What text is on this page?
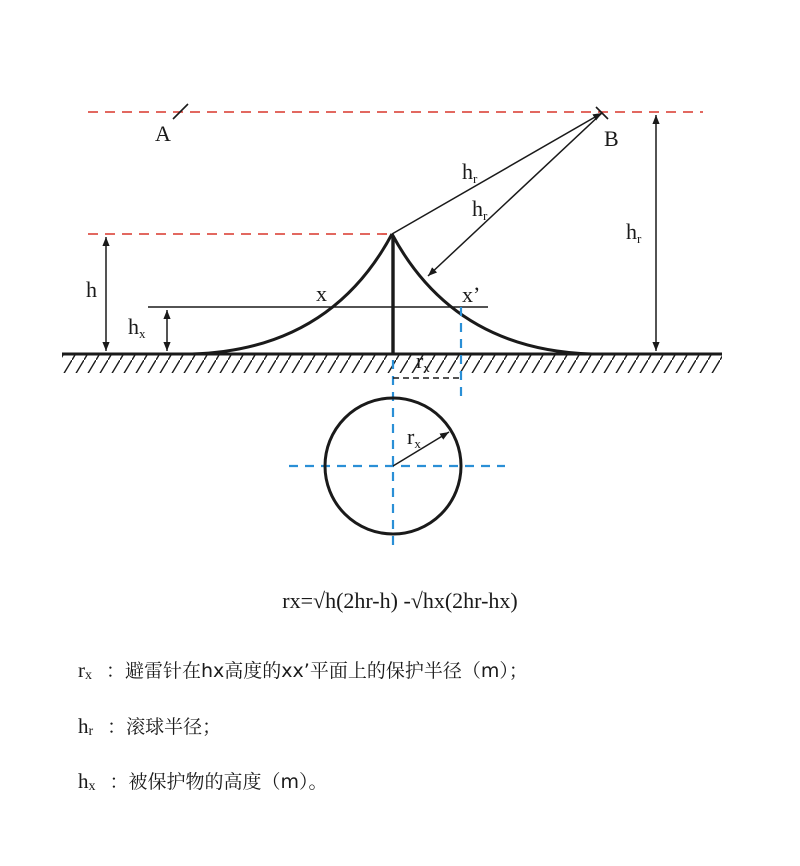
A	B
h	x	x’
$h_r$
$h_r$
$h_r$
$h_x$
$r_x$
$r_x$
rx=√h(2hr-h) -√hx(2hr-hx)
$r_x$ ：避雷针在hx高度的xx’平面上的保护半径（m）；
$h_r$ ：滚球半径；
$h_x$ ：被保护物的高度（m）。
